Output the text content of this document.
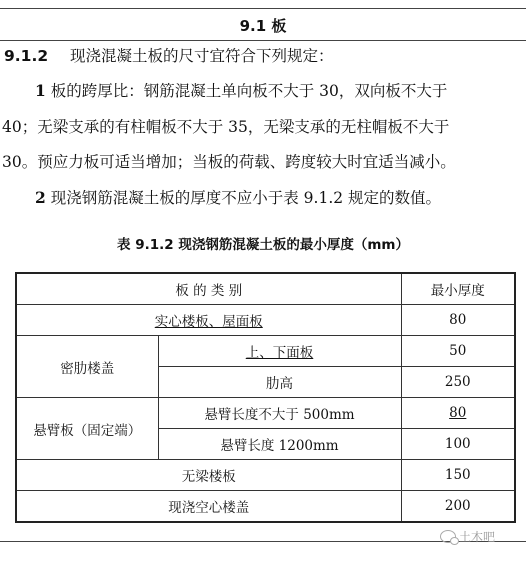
9.1 板
9.1.2 现浇混凝土板的尺寸宜符合下列规定：
1 板的跨厚比：钢筋混凝土单向板不大于 30，双向板不大于
40；无梁支承的有柱帽板不大于 35，无梁支承的无柱帽板不大于
30。预应力板可适当增加；当板的荷载、跨度较大时宜适当减小。
2 现浇钢筋混凝土板的厚度不应小于表 9.1.2 规定的数值。
表 9.1.2 现浇钢筋混凝土板的最小厚度（mm）
板 的 类 别		最小厚度
实心楼板、屋面板		80
密肋楼盖	上、下面板	50
	肋高	250
悬臂板（固定端）	悬臂长度不大于 500mm	80
	悬臂长度 1200mm	100
无梁楼板		150
现浇空心楼盖		200
土木吧
